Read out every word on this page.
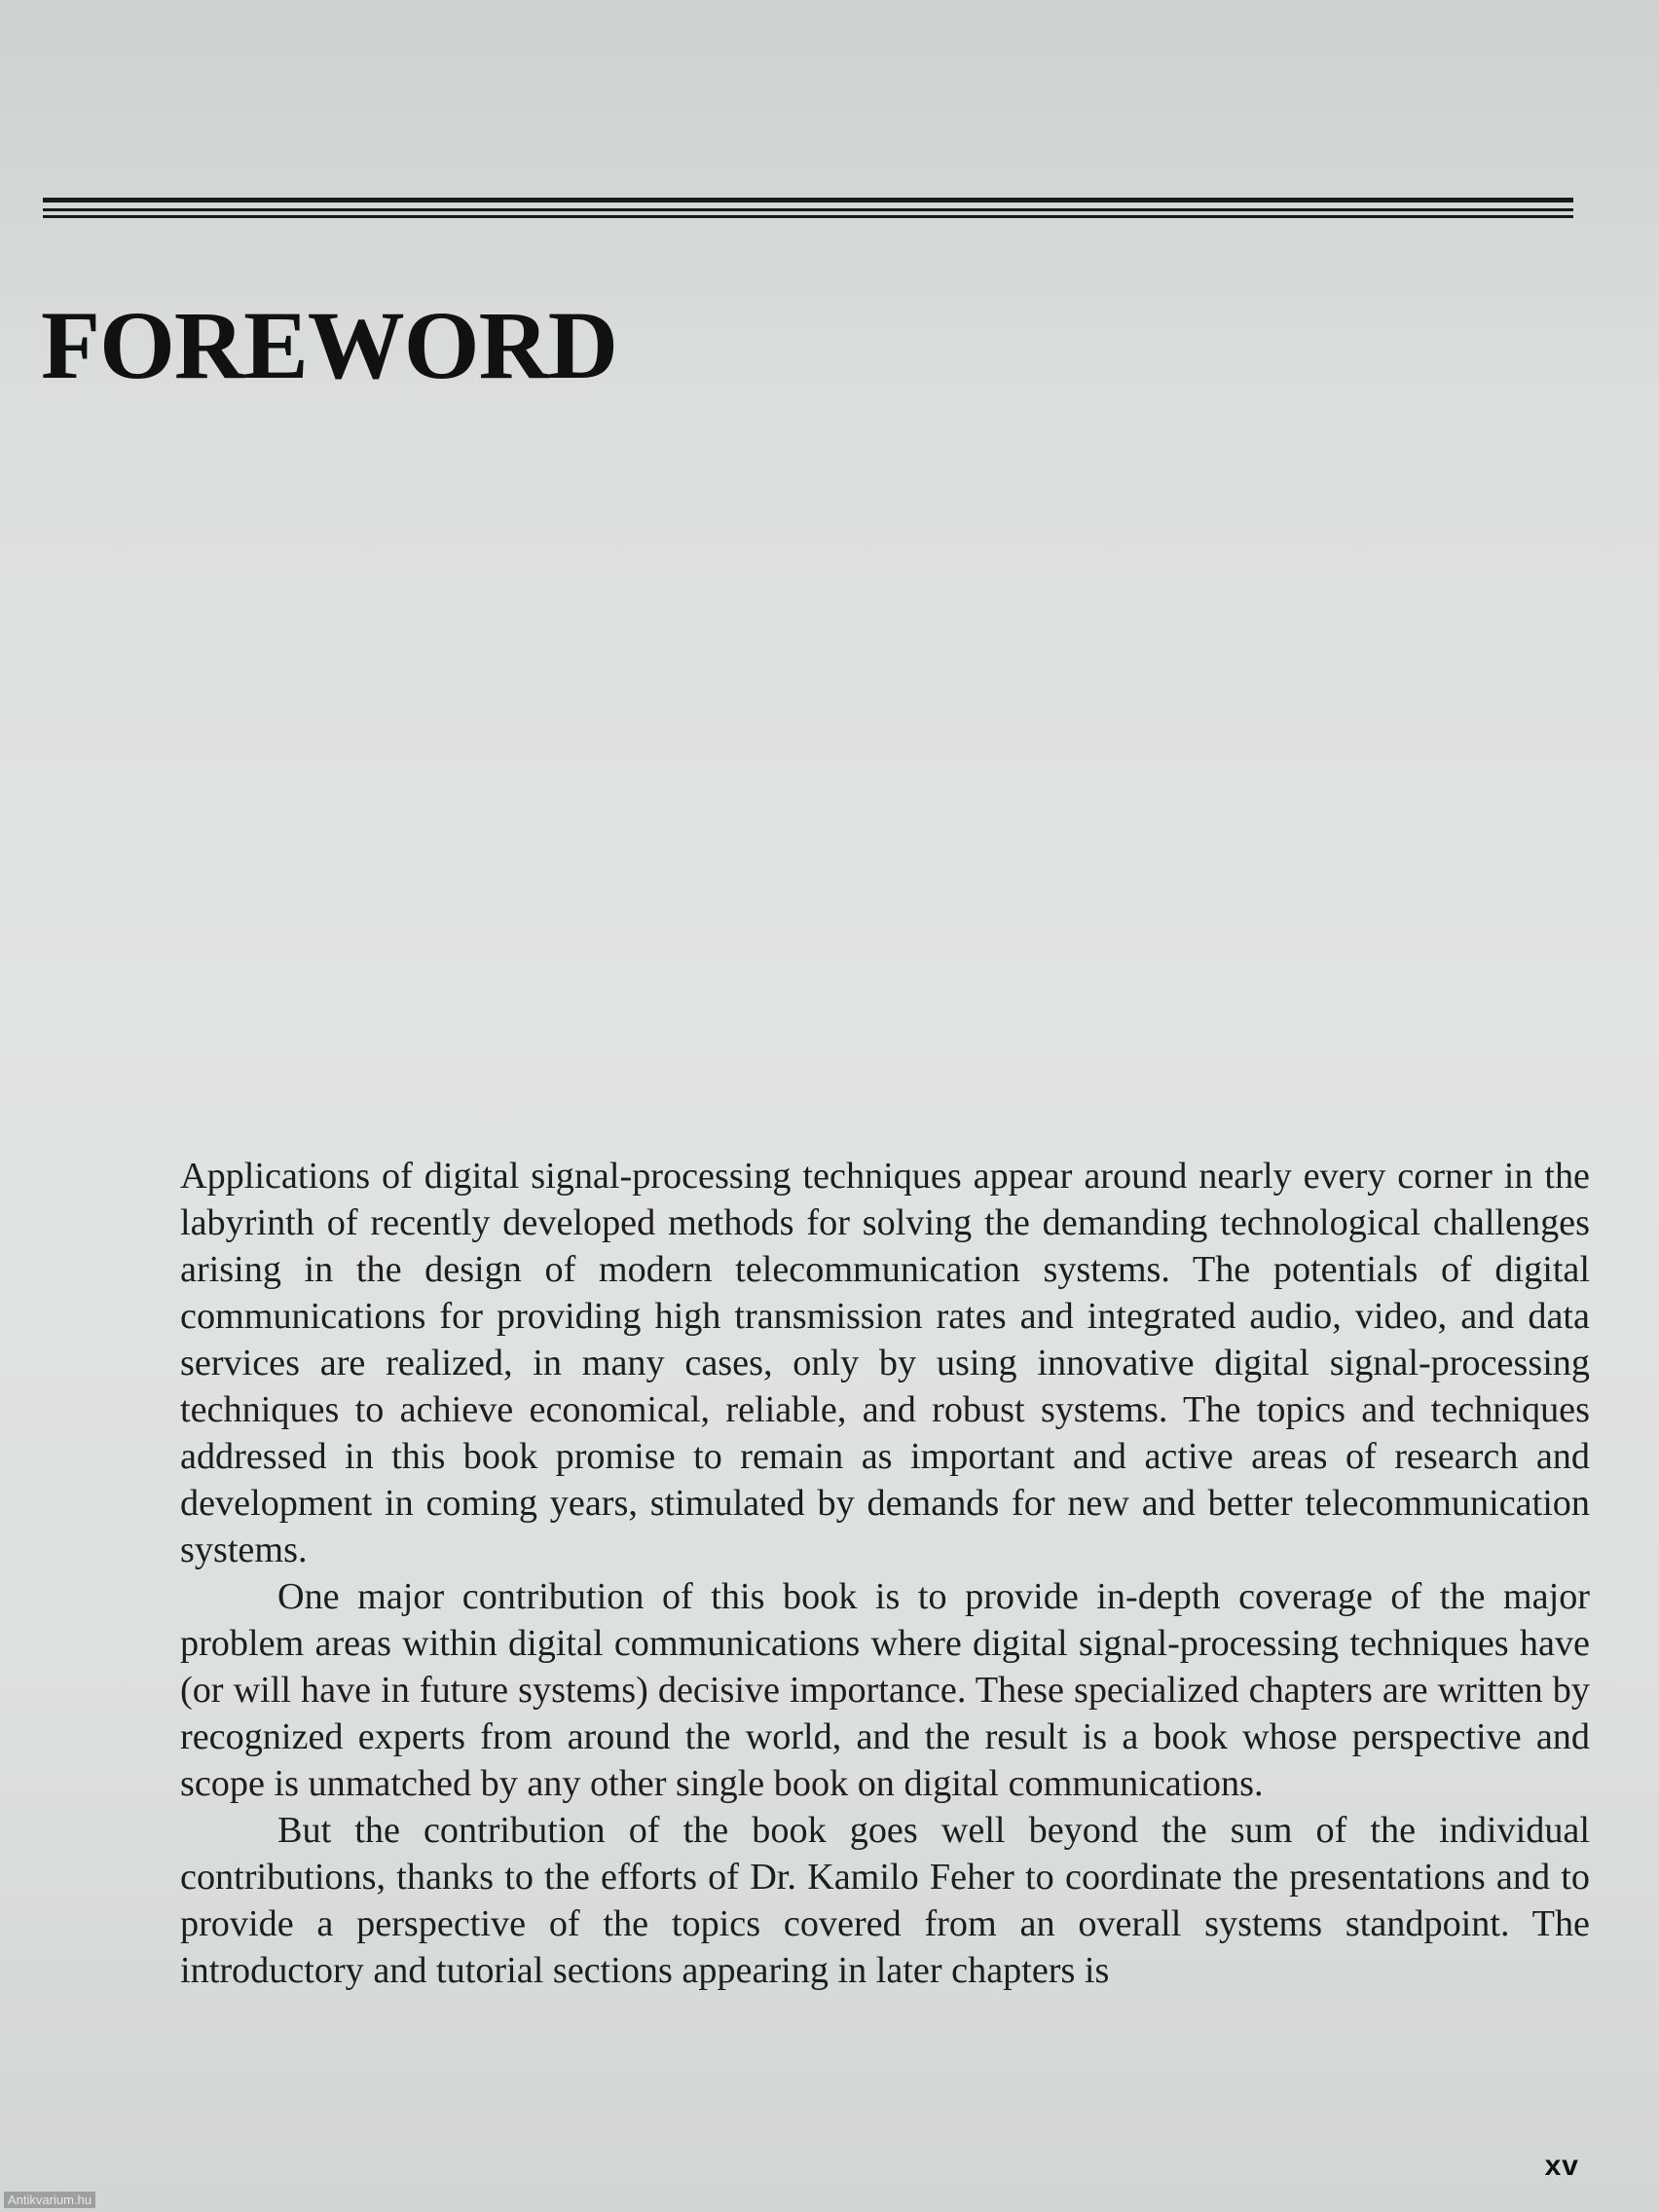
FOREWORD

Applications of digital signal-processing techniques appear around nearly every corner in the labyrinth of recently developed methods for solving the demanding technological challenges arising in the design of modern telecommunication systems. The potentials of digital communications for providing high transmission rates and integrated audio, video, and data services are realized, in many cases, only by using innovative digital signal-processing techniques to achieve economical, reliable, and robust systems. The topics and techniques addressed in this book promise to remain as important and active areas of research and development in coming years, stimulated by demands for new and better telecommunication systems.

One major contribution of this book is to provide in-depth coverage of the major problem areas within digital communications where digital signal-processing techniques have (or will have in future systems) decisive importance. These specialized chapters are written by recognized experts from around the world, and the result is a book whose perspective and scope is unmatched by any other single book on digital communications.

But the contribution of the book goes well beyond the sum of the individual contributions, thanks to the efforts of Dr. Kamilo Feher to coordinate the presentations and to provide a perspective of the topics covered from an overall systems standpoint. The introductory and tutorial sections appearing in later chapters is

xv
Antikvarium.hu
